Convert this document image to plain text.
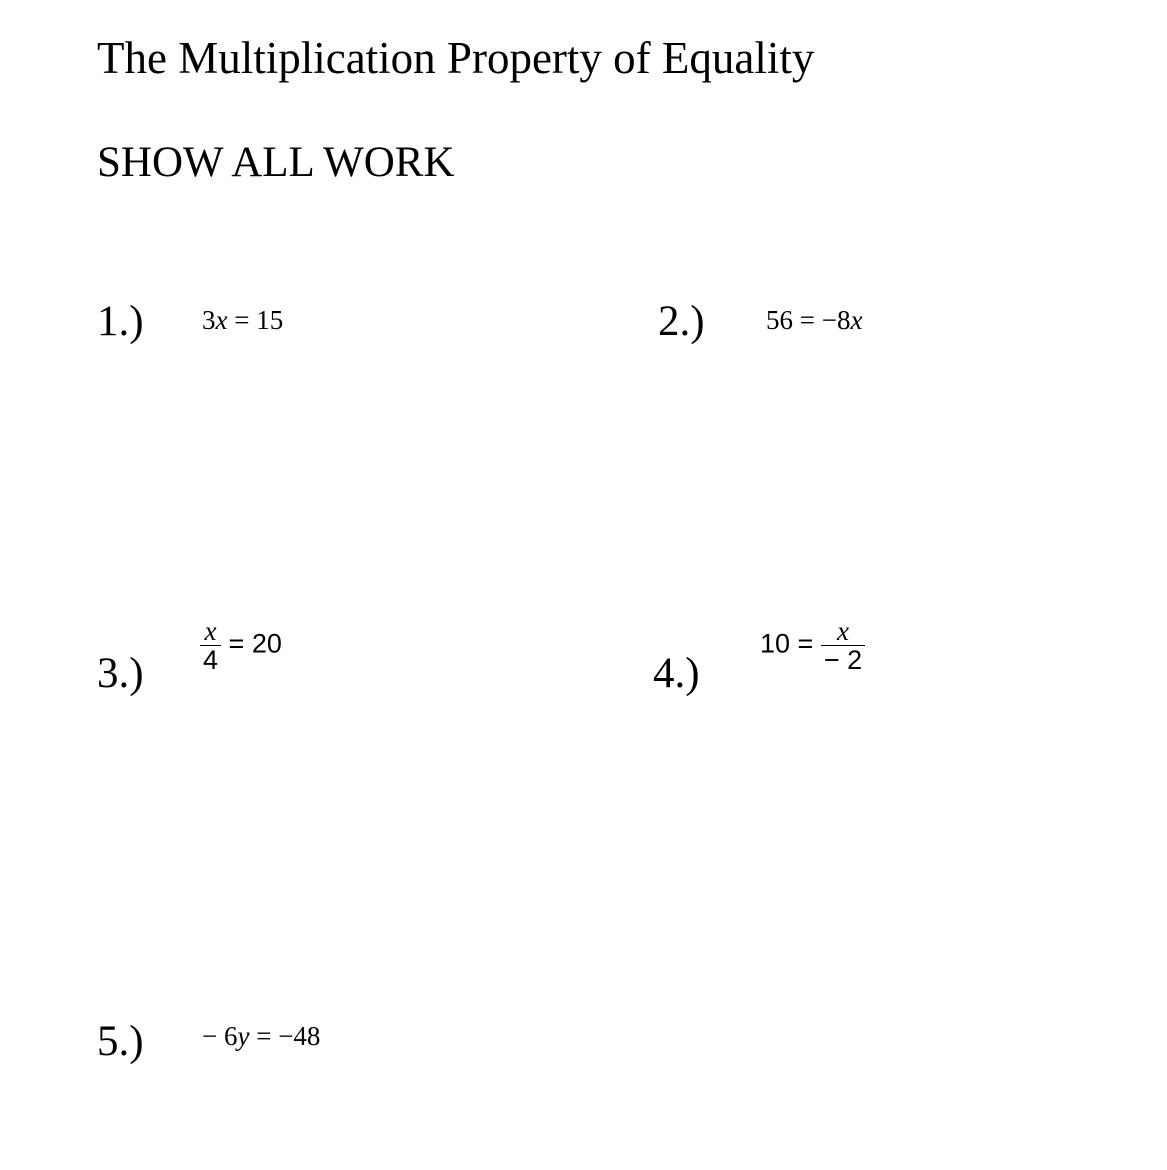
The Multiplication Property of Equality
SHOW ALL WORK
1.) 3x = 15	2.) 56 = −8x
3.)
$\frac{x}{4} = 20$
4.)
$10 = \frac{x}{- 2}$
5.) − 6y = −48
